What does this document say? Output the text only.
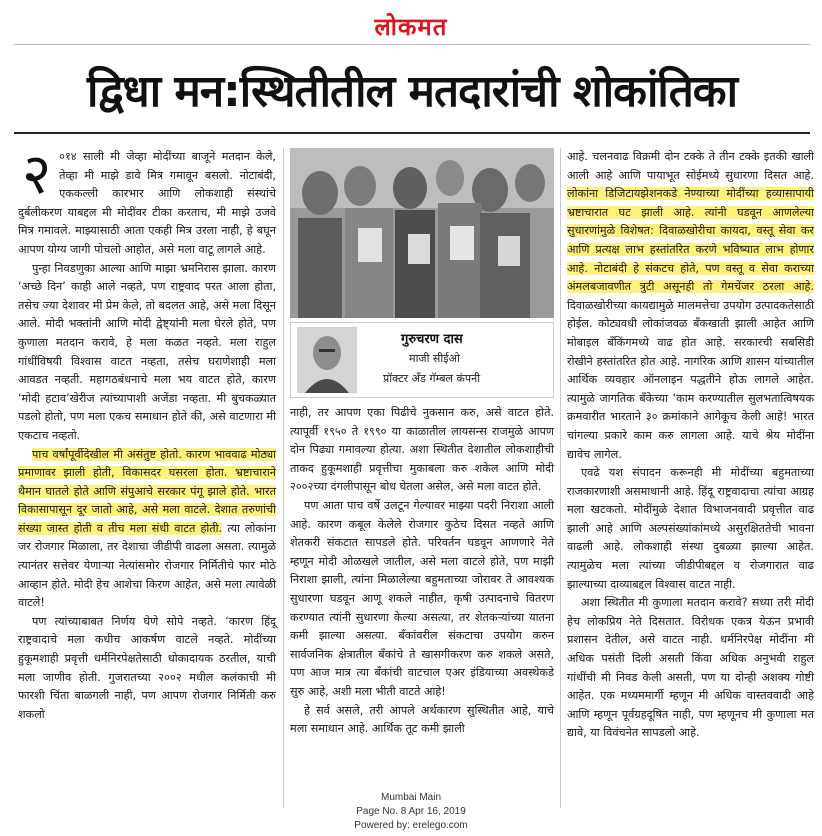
लोकमत
द्विधा मन:स्थितीतील मतदारांची शोकांतिका
२ ०१४ साली मी जेव्हा मोदींच्या बाजूने मतदान केले, तेव्हा मी माझे डावे मित्र गमावून बसलो. नोटाबंदी, एककल्ली कारभार आणि लोकशाही संस्थांचे दुर्बलीकरण याबद्दल मी मोदींवर टीका करताच, मी माझे उजवे मित्र गमावले. माझ्यासाठी आता एकही मित्र उरला नाही, हे बघून आपण योग्य जागी पोचलो आहोत, असे मला वाटू लागले आहे.

पुन्हा निवडणुका आल्या आणि माझा भ्रमनिरास झाला. कारण ‘अच्छे दिन’ काही आले नव्हते, पण राष्ट्रवाद परत आला होता, तसेच ज्या देशावर मी प्रेम केले, तो बदलत आहे, असे मला दिसून आले. मोदी भक्तांनी आणि मोदी द्वेष्ट्यांनी मला घेरले होते, पण कुणाला मतदान करावे, हे मला कळत नव्हते. मला राहुल गांधींविषयी विश्वास वाटत नव्हता, तसेच घराणेशाही मला आवडत नव्हती. महागठबंधनाचे मला भय वाटत होते, कारण ‘मोदी हटाव’खेरीज त्यांच्यापाशी अजेंडा नव्हता. मी बुचकळ्यात पडलो होतो, पण मला एकच समाधान होते की, असे वाटणारा मी एकटाच नव्हतो.

पाच वर्षांपूर्वीदेखील मी असंतुष्ट होतो. कारण भाववाढ मोठ्या प्रमाणावर झाली होती, विकासदर घसरला होता. भ्रष्टाचाराने थैमान घातले होते आणि संपुआचे सरकार पंगू झाले होते. भारत विकासापासून दूर जातो आहे, असे मला वाटले. देशात तरुणांची संख्या जास्त होती व तीच मला संधी वाटत होती. त्या लोकांना जर रोजगार मिळाला, तर देशाचा जीडीपी वाढला असता. त्यामुळे त्यानंतर सत्तेवर येणाऱ्या नेत्यांसमोर रोजगार निर्मितीचे फार मोठे आव्हान होते. मोदी हेच आशेचा किरण आहेत, असे मला त्यावेळी वाटले!

पण त्यांच्याबाबत निर्णय घेणे सोपे नव्हते. ‘कारण हिंदू राष्ट्रवादाचे मला कधीच आकर्षण वाटले नव्हते. मोदींच्या हुकूमशाही प्रवृत्ती धर्मनिरपेक्षतेसाठी धोकादायक ठरतील, याची मला जाणीव होती. गुजरातच्या २००२ मधील कलंकाची मी फारशी चिंता बाळगली नाही, पण आपण रोजगार निर्मिती करु शकलो

गुरुचरण दास
माजी सीईओ
प्रॉक्टर अँड गॅम्बल कंपनी

नाही, तर आपण एका पिढीचे नुकसान करु, असे वाटत होते. त्यापूर्वी १९५० ते १९९० या काळातील लायसन्स राजमुळे आपण दोन पिढ्या गमावल्या होत्या. अशा स्थितीत देशातील लोकशाहीची ताकद हुकूमशाही प्रवृत्तीचा मुकाबला करु शकेल आणि मोदी २००२च्या दंगलीपासून बोध घेतला असेल, असे मला वाटत होते.

पण आता पाच वर्षे उलटून गेल्यावर माझ्या पदरी निराशा आली आहे. कारण कबूल केलेले रोजगार कुठेच दिसत नव्हते आणि शेतकरी संकटात सापडले होते. परिवर्तन घडवून आणणारे नेते म्हणून मोदी ओळखले जातील, असे मला वाटले होते, पण माझी निराशा झाली, त्यांना मिळालेल्या बहुमताच्या जोरावर ते आवश्यक सुधारणा घडवून आणू शकले नाहीत, कृषी उत्पादनाचे वितरण करण्यात त्यांनी सुधारणा केल्या असत्या, तर शेतकऱ्यांच्या यातना कमी झाल्या असत्या. बँकांवरील संकटाचा उपयोग करुन सार्वजनिक क्षेत्रातील बँकांचे ते खासगीकरण करु शकले असते, पण आज मात्र त्या बँकांची वाटचाल एअर इंडियाच्या अवस्थेकडे सुरु आहे, अशी मला भीती वाटते आहे!

हे सर्व असले, तरी आपले अर्थकारण सुस्थितीत आहे, याचे मला समाधान आहे. आर्थिक तूट कमी झाली

आहे. चलनवाढ विक्रमी दोन टक्के ते तीन टक्के इतकी खाली आली आहे आणि पायाभूत सोईमध्ये सुधारणा दिसत आहे. लोकांना डिजिटायझेशनकडे नेण्याच्या मोदींच्या हव्यासापायी भ्रष्टाचारात घट झाली आहे. त्यांनी घडवून आणलेल्या सुधारणांमुळे विशेषत: दिवाळखोरीचा कायदा, वस्तू सेवा कर आणि प्रत्यक्ष लाभ हस्तांतरित करणे भविष्यात लाभ होणार आहे. नोटाबंदी हे संकटच होते, पण वस्तू व सेवा कराच्या अंमलबजावणीत त्रुटी असूनही तो गेमचेंजर ठरला आहे. दिवाळखोरीच्या कायद्यामुळे मालमत्तेचा उपयोग उत्पादकतेसाठी होईल. कोट्यवधी लोकांजवळ बँकखाती झाली आहेत आणि मोबाइल बँकिंगमध्ये वाढ होत आहे. सरकारची सबसिडी रोखीने हस्तांतरित होत आहे. नागरिक आणि शासन यांच्यातील आर्थिक व्यवहार ऑनलाइन पद्धतीने होऊ लागले आहेत. त्यामुळे जागतिक बँकेच्या ‘काम करण्यातील सुलभतात्विषयक क्रमवारीत भारताने ३० क्रमांकाने आगेकूच केली आहे! भारत चांगल्या प्रकारे काम करु लागला आहे. याचे श्रेय मोदींना द्यावेच लागेल.

एवढे यश संपादन करूनही मी मोदींच्या बहुमताच्या राजकारणाशी असमाधानी आहे. हिंदू राष्ट्रवादाचा त्यांचा आग्रह मला खटकतो. मोदींमुळे देशात विभाजनवादी प्रवृत्तीत वाढ झाली आहे आणि अल्पसंख्यांकांमध्ये असुरक्षिततेची भावना वाढली आहे. लोकशाही संस्था दुबळ्या झाल्या आहेत. त्यामुळेच मला त्यांच्या जीडीपीबद्दल व रोजगारात वाढ झाल्याच्या दाव्याबद्दल विश्वास वाटत नाही.

अशा स्थितीत मी कुणाला मतदान करावे? सध्या तरी मोदी हेच लोकप्रिय नेते दिसतात. विरोधक एकत्र येऊन प्रभावी प्रशासन देतील, असे वाटत नाही. धर्मनिरपेक्ष मोदींना मी अधिक पसंती दिली असती किंवा अधिक अनुभवी राहुल गांधींची मी निवड केली असती, पण या दोन्ही अशक्य गोष्टी आहेत. एक मध्यममार्गी म्हणून मी अधिक वास्तववादी आहे आणि म्हणून पूर्वग्रहदूषित नाही, पण म्हणूनच मी कुणाला मत द्यावे, या विवंचनेत सापडलो आहे.

Mumbai Main
Page No. 8 Apr 16, 2019
Powered by: erelego.com
